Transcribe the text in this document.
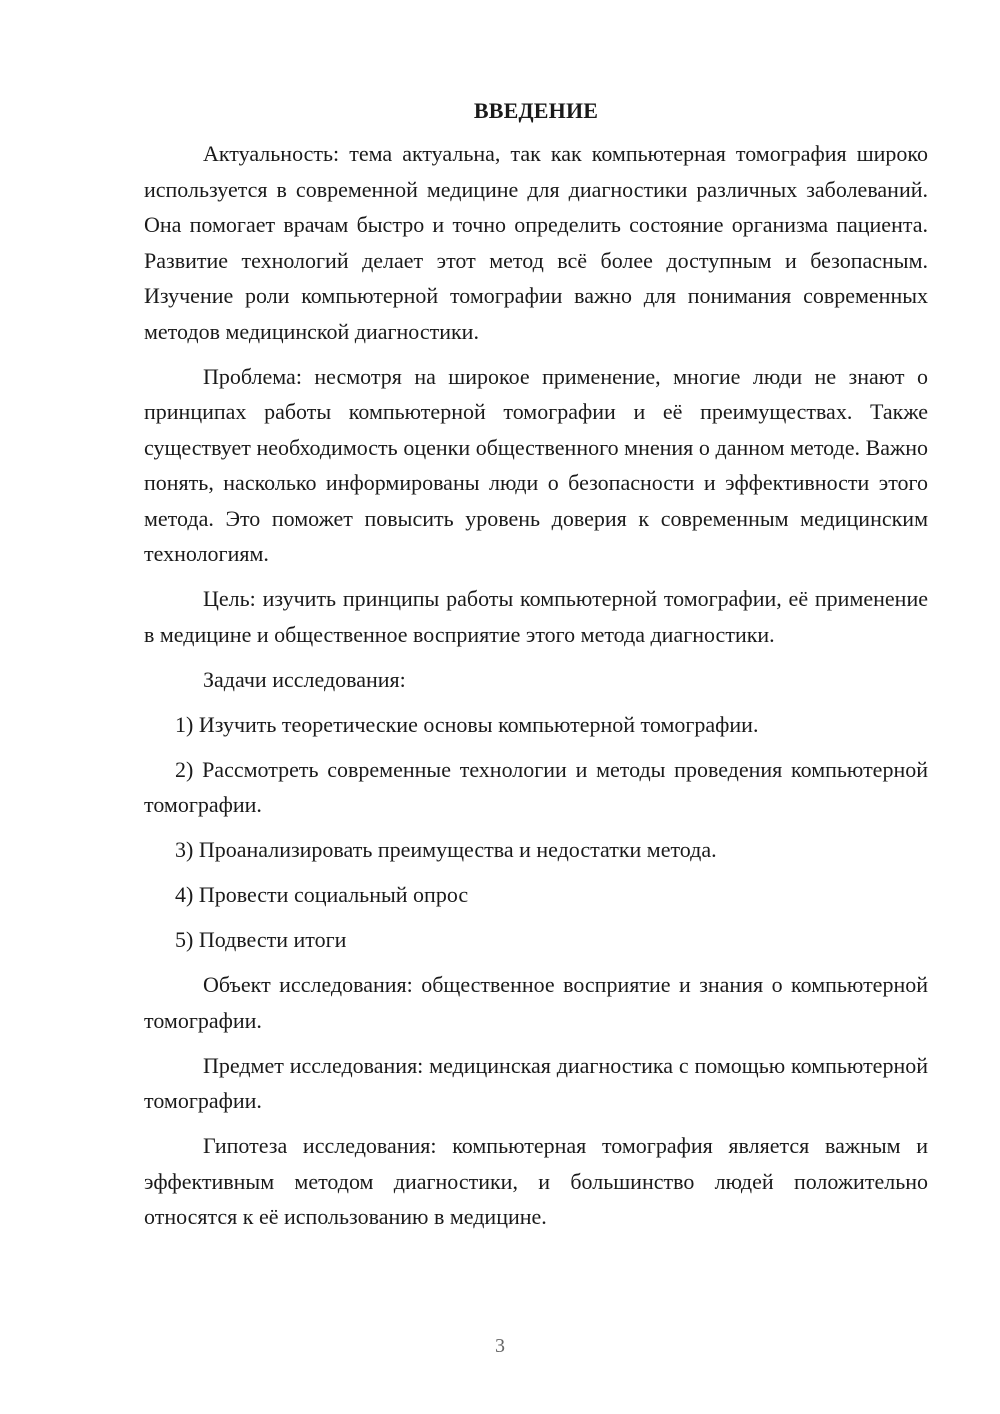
ВВЕДЕНИЕ

Актуальность: тема актуальна, так как компьютерная томография широко используется в современной медицине для диагностики различных заболеваний. Она помогает врачам быстро и точно определить состояние организма пациента. Развитие технологий делает этот метод всё более доступным и безопасным. Изучение роли компьютерной томографии важно для понимания современных методов медицинской диагностики.

Проблема: несмотря на широкое применение, многие люди не знают о принципах работы компьютерной томографии и её преимуществах. Также существует необходимость оценки общественного мнения о данном методе. Важно понять, насколько информированы люди о безопасности и эффективности этого метода. Это поможет повысить уровень доверия к современным медицинским технологиям.

Цель: изучить принципы работы компьютерной томографии, её применение в медицине и общественное восприятие этого метода диагностики.

Задачи исследования:

1) Изучить теоретические основы компьютерной томографии.

2) Рассмотреть современные технологии и методы проведения компьютерной томографии.

3) Проанализировать преимущества и недостатки метода.

4) Провести социальный опрос

5) Подвести итоги

Объект исследования: общественное восприятие и знания о компьютерной томографии.

Предмет исследования: медицинская диагностика с помощью компьютерной томографии.

Гипотеза исследования: компьютерная томография является важным и эффективным методом диагностики, и большинство людей положительно относятся к её использованию в медицине.

3
